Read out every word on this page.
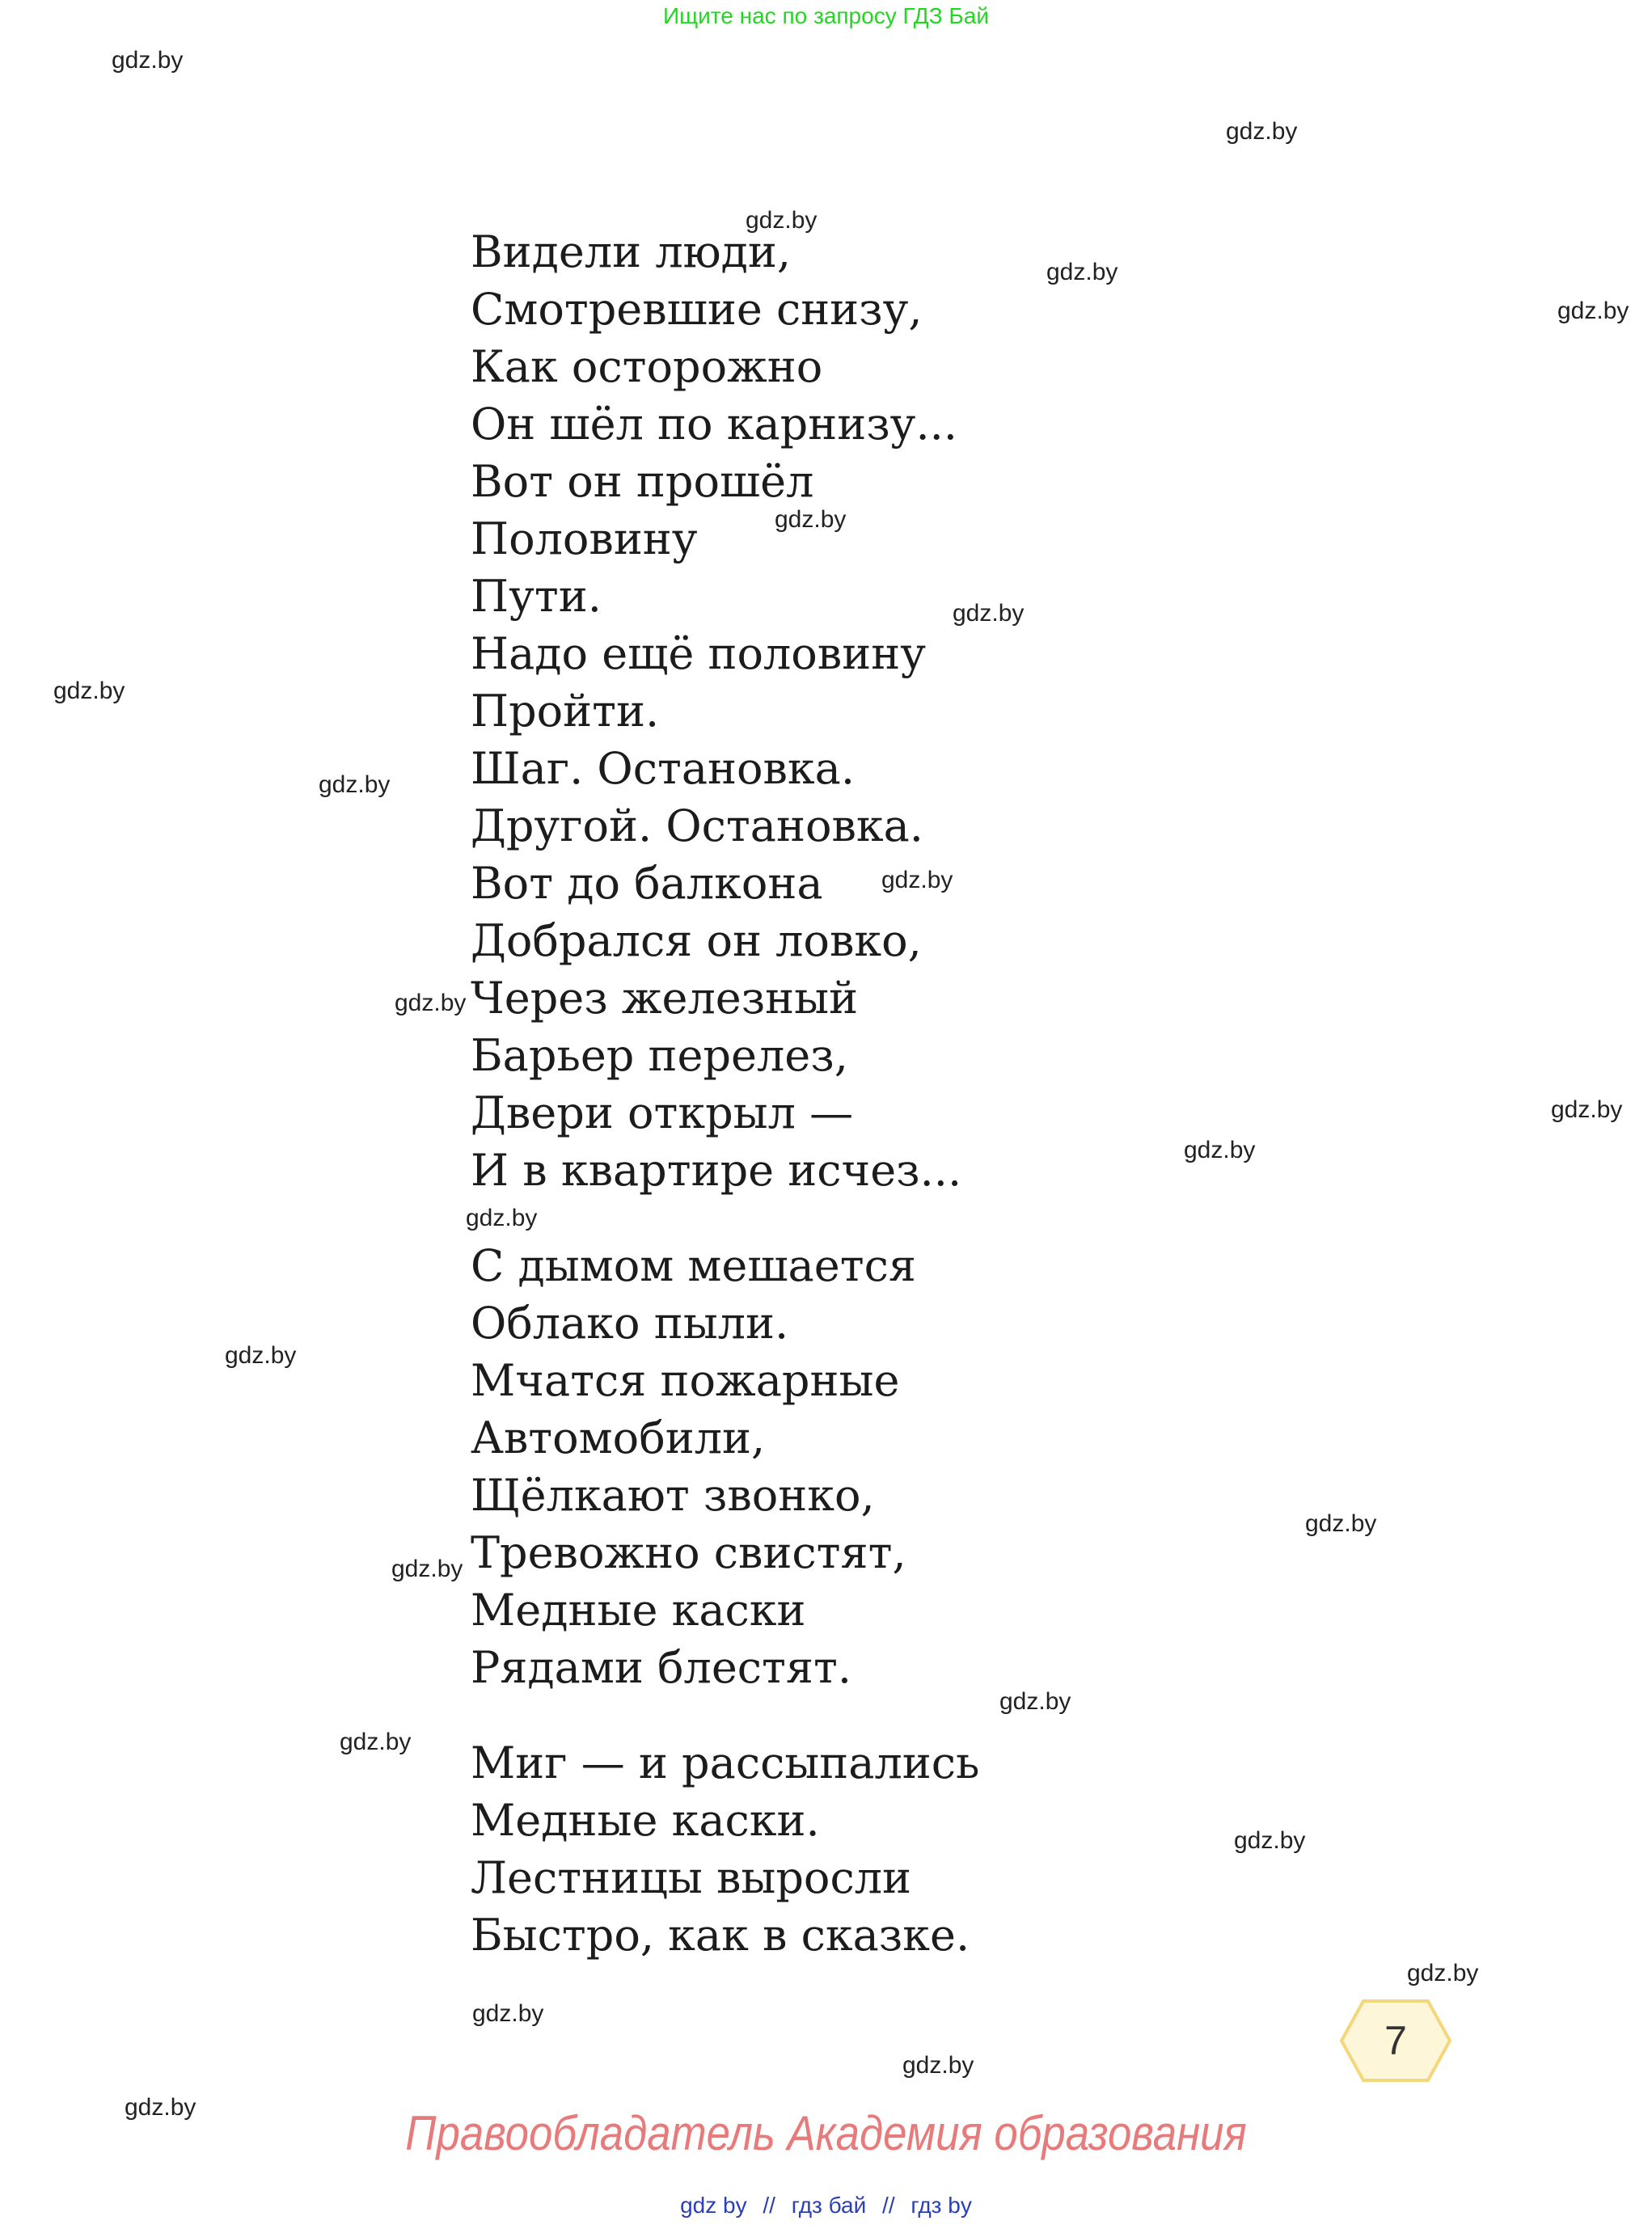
Ищите нас по запросу ГДЗ Бай
Видели люди,
Смотревшие снизу,
Как осторожно
Он шёл по карнизу...
Вот он прошёл
Половину
Пути.
Надо ещё половину
Пройти.
Шаг. Остановка.
Другой. Остановка.
Вот до балкона
Добрался он ловко,
Через железный
Барьер перелез,
Двери открыл —
И в квартире исчез...
С дымом мешается
Облако пыли.
Мчатся пожарные
Автомобили,
Щёлкают звонко,
Тревожно свистят,
Медные каски
Рядами блестят.
Миг — и рассыпались
Медные каски.
Лестницы выросли
Быстро, как в сказке.
gdz.by
gdz.by
gdz.by
gdz.by
gdz.by
gdz.by
gdz.by
gdz.by
gdz.by
gdz.by
gdz.by
gdz.by
gdz.by
gdz.by
gdz.by
gdz.by
gdz.by
gdz.by
gdz.by
gdz.by
gdz.by
gdz.by
gdz.by
gdz.by
7
Правообладатель Академия образования
gdz by // гдз бай // гдз by
